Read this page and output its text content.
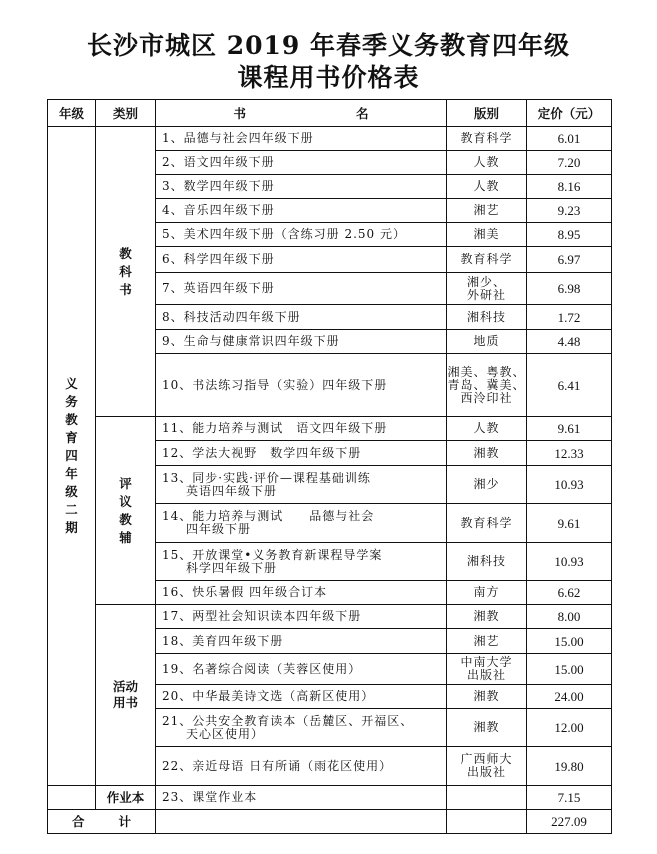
长沙市城区 2019 年春季义务教育四年级
课程用书价格表
年级	类别	书 名	版别	定价（元）
义务教育四年级二期	教科书	1、品德与社会四年级下册	教育科学	6.01
		2、语文四年级下册	人教	7.20
		3、数学四年级下册	人教	8.16
		4、音乐四年级下册	湘艺	9.23
		5、美术四年级下册（含练习册 2.50 元）	湘美	8.95
		6、科学四年级下册	教育科学	6.97
		7、英语四年级下册	湘少、
外研社	6.98
		8、科技活动四年级下册	湘科技	1.72
		9、生命与健康常识四年级下册	地质	4.48
		10、书法练习指导（实验）四年级下册	湘美、粤教、
青岛、冀美、
西泠印社	6.41
	评议教辅	11、能力培养与测试　语文四年级下册	人教	9.61
		12、学法大视野　数学四年级下册	湘教	12.33
		13、同步·实践·评价—课程基础训练
英语四年级下册	湘少	10.93
		14、能力培养与测试　　品德与社会
四年级下册	教育科学	9.61
		15、开放课堂•义务教育新课程导学案
科学四年级下册	湘科技	10.93
		16、快乐暑假 四年级合订本	南方	6.62
	活动
用书	17、两型社会知识读本四年级下册	湘教	8.00
		18、美育四年级下册	湘艺	15.00
		19、名著综合阅读（芙蓉区使用）	中南大学
出版社	15.00
		20、中华最美诗文选（高新区使用）	湘教	24.00
		21、公共安全教育读本（岳麓区、开福区、
天心区使用）	湘教	12.00
		22、亲近母语 日有所诵（雨花区使用）	广西师大
出版社	19.80
	作业本	23、课堂作业本		7.15
合 计				227.09
